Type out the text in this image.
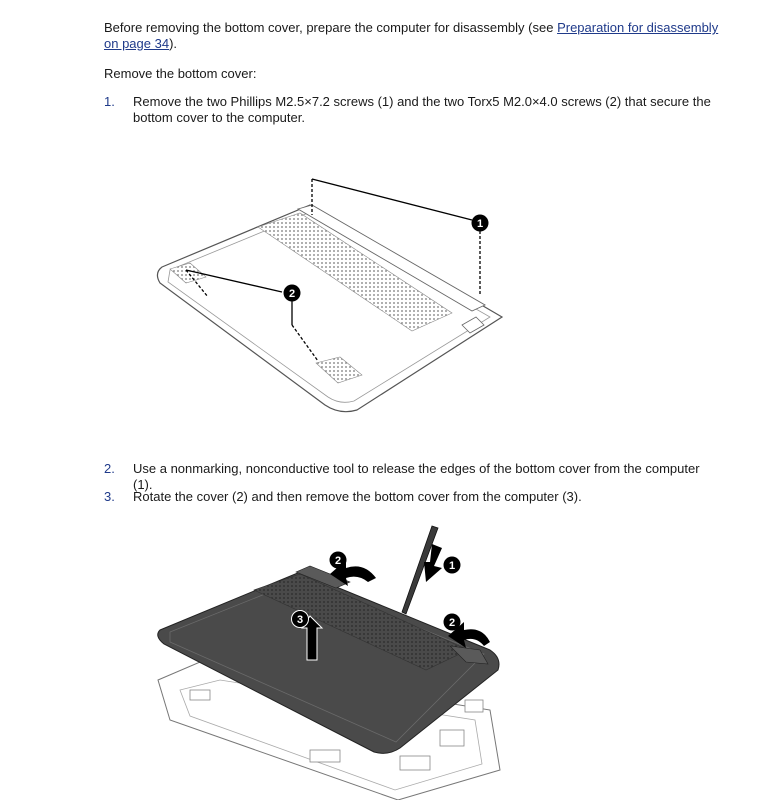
Before removing the bottom cover, prepare the computer for disassembly (see Preparation for disassembly on page 34).
Remove the bottom cover:
1. Remove the two Phillips M2.5×7.2 screws (1) and the two Torx5 M2.0×4.0 screws (2) that secure the bottom cover to the computer.
1
2
2. Use a nonmarking, nonconductive tool to release the edges of the bottom cover from the computer (1).
3. Rotate the cover (2) and then remove the bottom cover from the computer (3).
1
2
2
3
